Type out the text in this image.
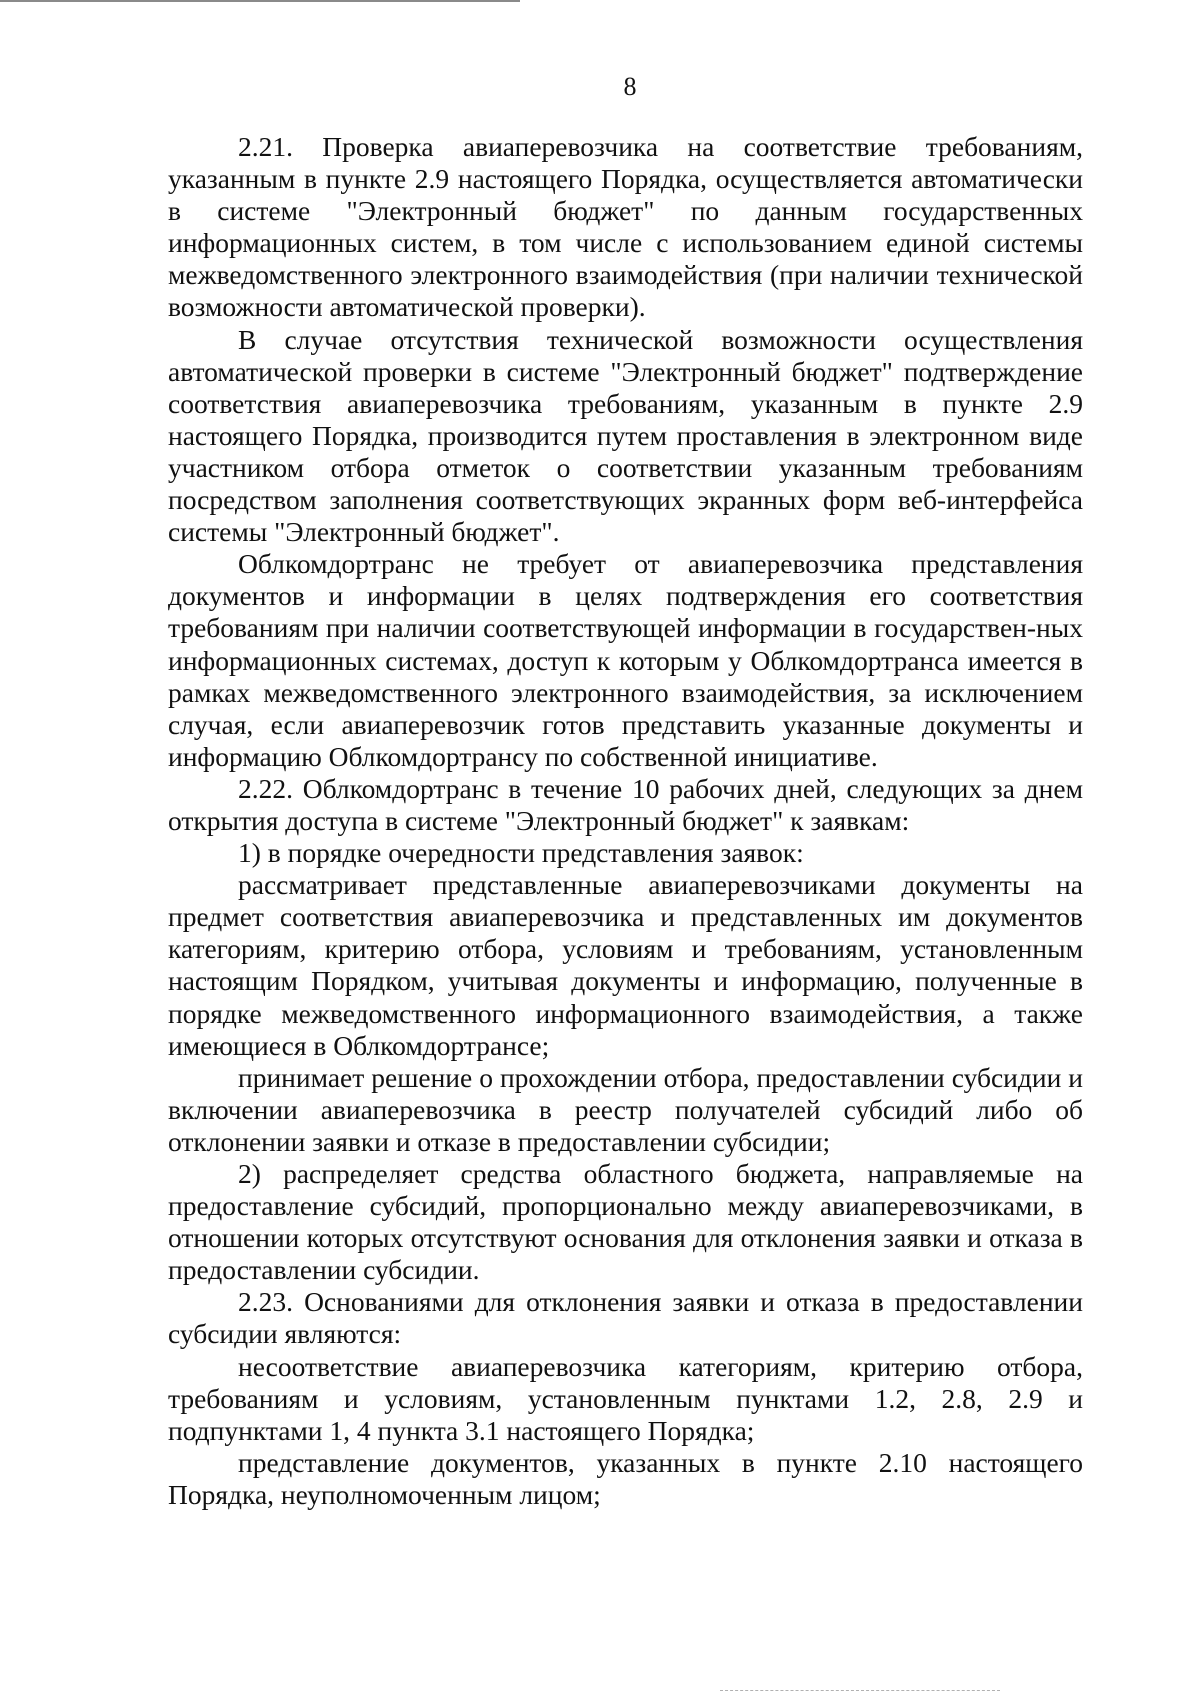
8

2.21. Проверка авиаперевозчика на соответствие требованиям, указанным в пункте 2.9 настоящего Порядка, осуществляется автоматически в системе "Электронный бюджет" по данным государственных информационных систем, в том числе с использованием единой системы межведомственного электронного взаимодействия (при наличии технической возможности автоматической проверки).

В случае отсутствия технической возможности осуществления автоматической проверки в системе "Электронный бюджет" подтверждение соответствия авиаперевозчика требованиям, указанным в пункте 2.9 настоящего Порядка, производится путем проставления в электронном виде участником отбора отметок о соответствии указанным требованиям посредством заполнения соответствующих экранных форм веб-интерфейса системы "Электронный бюджет".

Облкомдортранс не требует от авиаперевозчика представления документов и информации в целях подтверждения его соответствия требованиям при наличии соответствующей информации в государствен-ных информационных системах, доступ к которым у Облкомдортранса имеется в рамках межведомственного электронного взаимодействия, за исключением случая, если авиаперевозчик готов представить указанные документы и информацию Облкомдортрансу по собственной инициативе.

2.22. Облкомдортранс в течение 10 рабочих дней, следующих за днем открытия доступа в системе "Электронный бюджет" к заявкам:

1) в порядке очередности представления заявок:

рассматривает представленные авиаперевозчиками документы на предмет соответствия авиаперевозчика и представленных им документов категориям, критерию отбора, условиям и требованиям, установленным настоящим Порядком, учитывая документы и информацию, полученные в порядке межведомственного информационного взаимодействия, а также имеющиеся в Облкомдортрансе;

принимает решение о прохождении отбора, предоставлении субсидии и включении авиаперевозчика в реестр получателей субсидий либо об отклонении заявки и отказе в предоставлении субсидии;

2) распределяет средства областного бюджета, направляемые на предоставление субсидий, пропорционально между авиаперевозчиками, в отношении которых отсутствуют основания для отклонения заявки и отказа в предоставлении субсидии.

2.23. Основаниями для отклонения заявки и отказа в предоставлении субсидии являются:

несоответствие авиаперевозчика категориям, критерию отбора, требованиям и условиям, установленным пунктами 1.2, 2.8, 2.9 и подпунктами 1, 4 пункта 3.1 настоящего Порядка;

представление документов, указанных в пункте 2.10 настоящего Порядка, неуполномоченным лицом;
